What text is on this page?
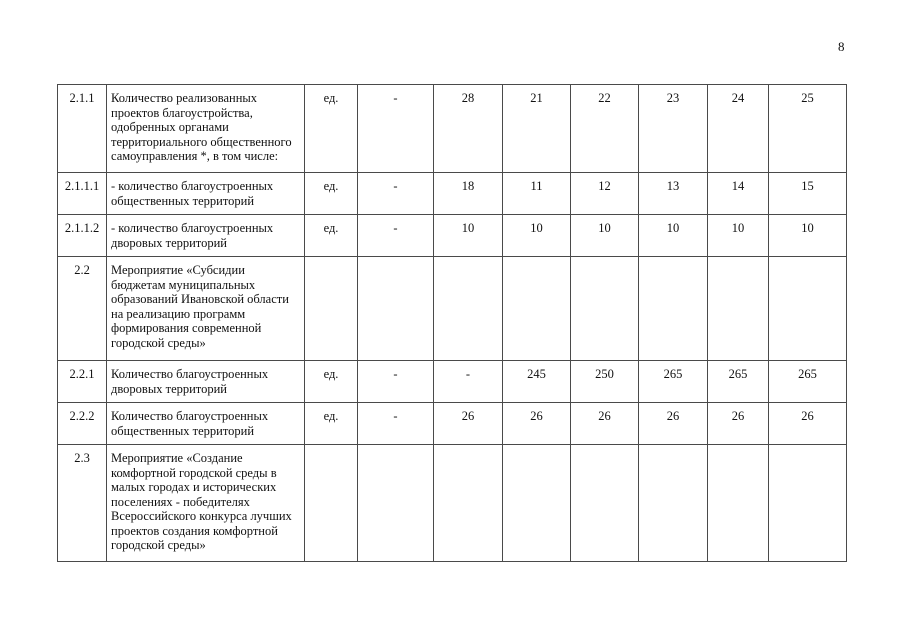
8
2.1.1	Количество реализованных проектов благоустройства, одобренных органами территориального общественного самоуправления *, в том числе:	ед.	-	28	21	22	23	24	25
2.1.1.1	- количество благоустроенных общественных территорий	ед.	-	18	11	12	13	14	15
2.1.1.2	- количество благоустроенных дворовых территорий	ед.	-	10	10	10	10	10	10
2.2	Мероприятие «Субсидии бюджетам муниципальных образований Ивановской области на реализацию программ формирования современной городской среды»								
2.2.1	Количество благоустроенных дворовых территорий	ед.	-	-	245	250	265	265	265
2.2.2	Количество благоустроенных общественных территорий	ед.	-	26	26	26	26	26	26
2.3	Мероприятие «Создание комфортной городской среды в малых городах и исторических поселениях - победителях Всероссийского конкурса лучших проектов создания комфортной городской среды»								
